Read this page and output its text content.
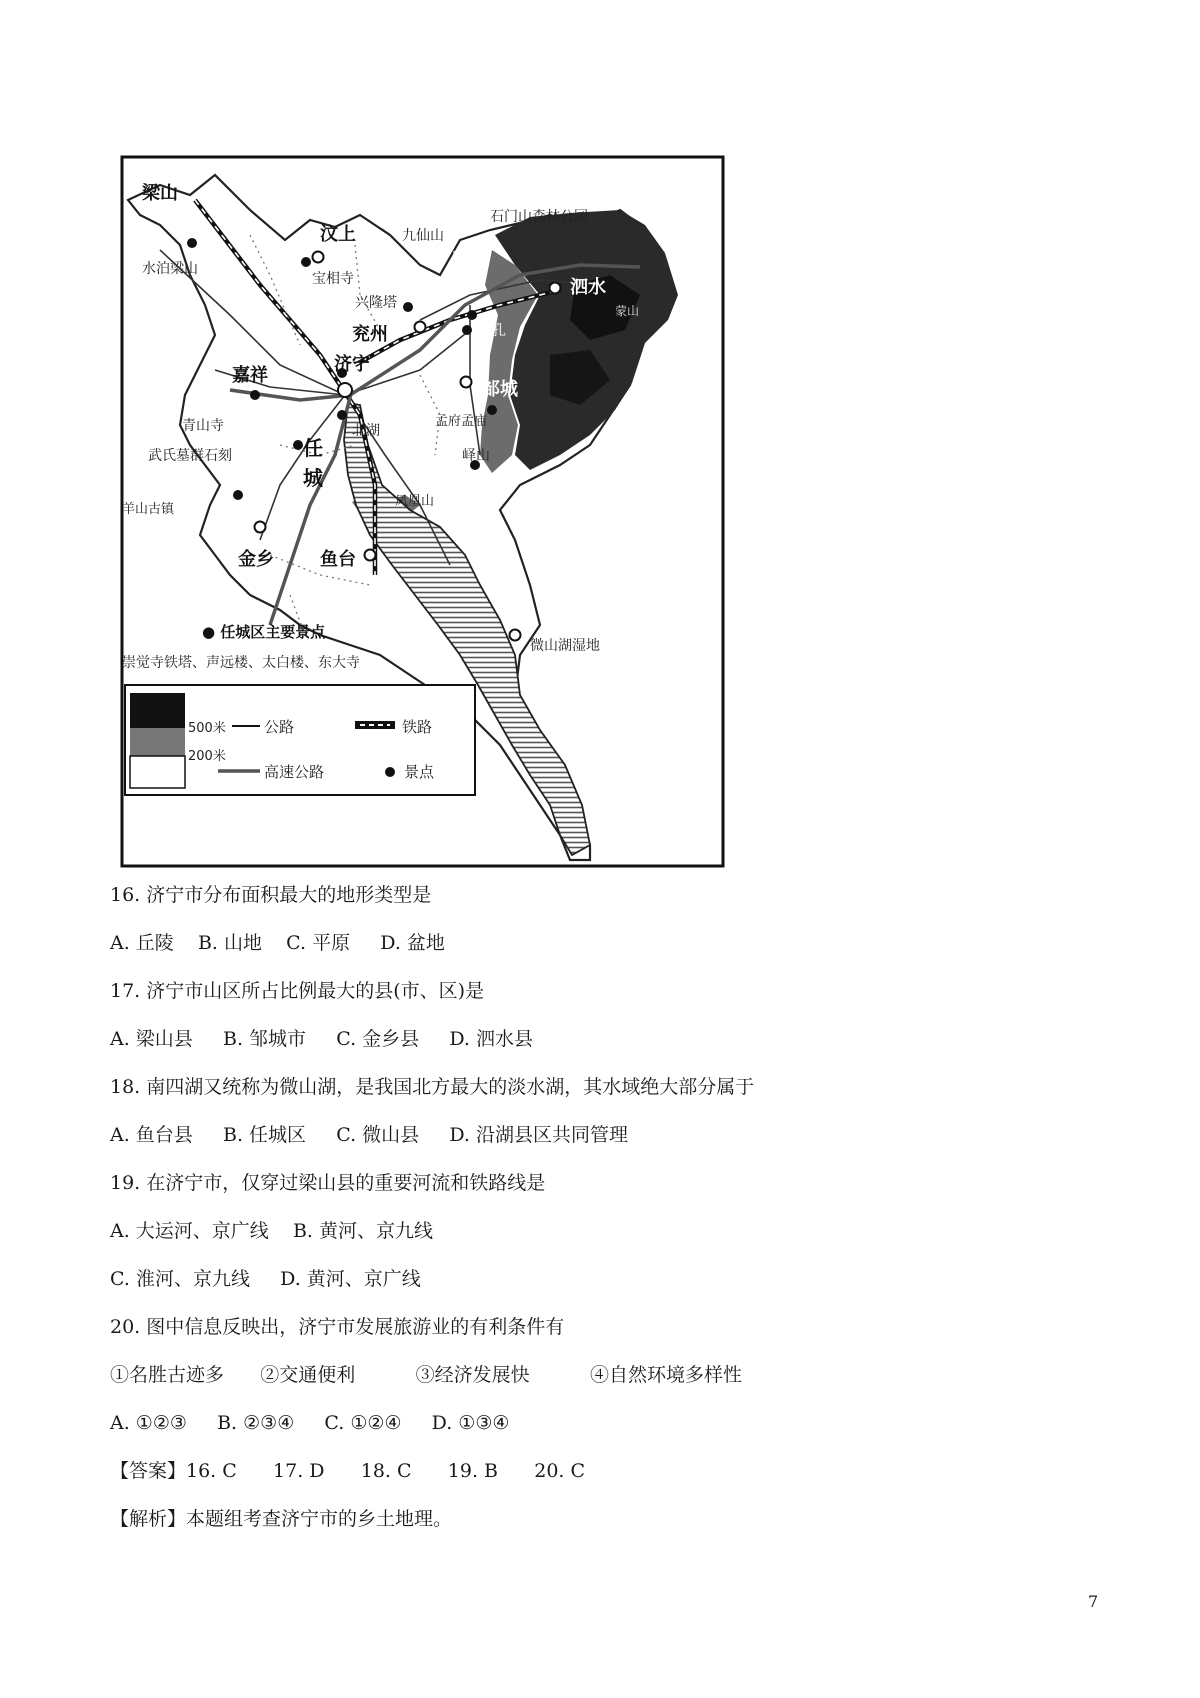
梁山
水泊梁山
汶上
宝相寺
兴隆塔
九仙山
石门山森林公园
曲阜
泗水
蒙山
兖州	三孔
济宁
嘉祥
邹城
青山寺
武氏墓群石刻
北湖
孟府孟庙
峄山
任
城
羊山古镇
金乡	鱼台
微山湖湿地
凤凰山
● 任城区主要景点
崇觉寺铁塔、声远楼、太白楼、东大寺
500米
200米
公路	铁路
高速公路	景点
16. 济宁市分布面积最大的地形类型是
A. 丘陵    B. 山地    C. 平原     D. 盆地
17. 济宁市山区所占比例最大的县(市、区)是
A. 梁山县     B. 邹城市     C. 金乡县     D. 泗水县
18. 南四湖又统称为微山湖，是我国北方最大的淡水湖，其水域绝大部分属于
A. 鱼台县     B. 任城区     C. 微山县     D. 沿湖县区共同管理
19. 在济宁市，仅穿过梁山县的重要河流和铁路线是
A. 大运河、京广线    B. 黄河、京九线
C. 淮河、京九线     D. 黄河、京广线
20. 图中信息反映出，济宁市发展旅游业的有利条件有
①名胜古迹多      ②交通便利          ③经济发展快          ④自然环境多样性
A. ①②③     B. ②③④     C. ①②④     D. ①③④
【答案】16. C      17. D      18. C      19. B      20. C
【解析】本题组考查济宁市的乡土地理。
7
